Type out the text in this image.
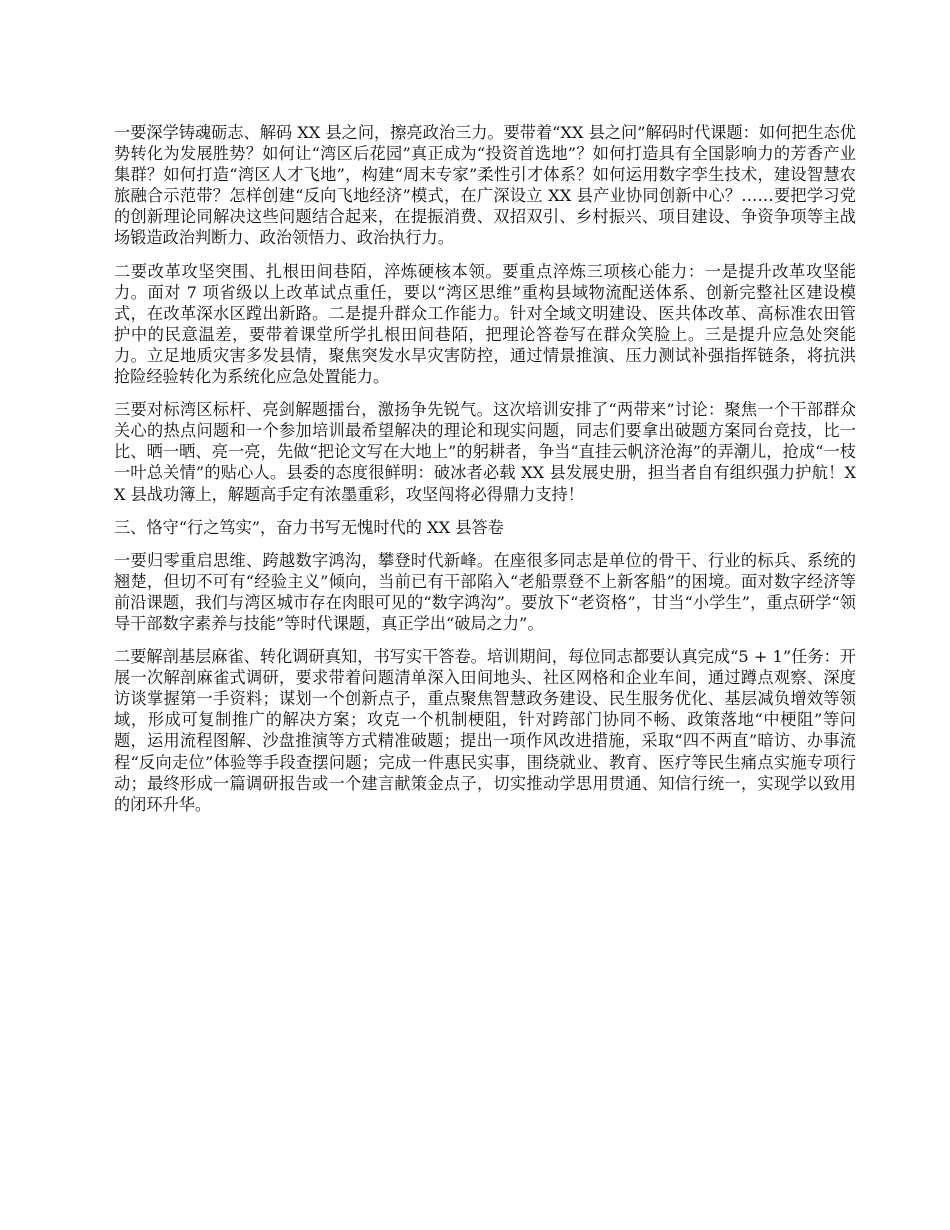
一要深学铸魂砺志、解码 XX 县之问，擦亮政治三力。要带着“XX 县之问”解码时代课题：如何把生态优势转化为发展胜势？如何让“湾区后花园”真正成为“投资首选地”？如何打造具有全国影响力的芳香产业集群？如何打造“湾区人才飞地”，构建“周末专家”柔性引才体系？如何运用数字孪生技术，建设智慧农旅融合示范带？怎样创建“反向飞地经济”模式，在广深设立 XX 县产业协同创新中心？……要把学习党的创新理论同解决这些问题结合起来，在提振消费、双招双引、乡村振兴、项目建设、争资争项等主战场锻造政治判断力、政治领悟力、政治执行力。

二要改革攻坚突围、扎根田间巷陌，淬炼硬核本领。要重点淬炼三项核心能力：一是提升改革攻坚能力。面对 7 项省级以上改革试点重任，要以“湾区思维”重构县域物流配送体系、创新完整社区建设模式，在改革深水区蹚出新路。二是提升群众工作能力。针对全域文明建设、医共体改革、高标准农田管护中的民意温差，要带着课堂所学扎根田间巷陌，把理论答卷写在群众笑脸上。三是提升应急处突能力。立足地质灾害多发县情，聚焦突发水旱灾害防控，通过情景推演、压力测试补强指挥链条，将抗洪抢险经验转化为系统化应急处置能力。

三要对标湾区标杆、亮剑解题擂台，激扬争先锐气。这次培训安排了“两带来”讨论：聚焦一个干部群众关心的热点问题和一个参加培训最希望解决的理论和现实问题，同志们要拿出破题方案同台竞技，比一比、晒一晒、亮一亮，先做“把论文写在大地上”的躬耕者，争当“直挂云帆济沧海”的弄潮儿，抢成“一枝一叶总关情”的贴心人。县委的态度很鲜明：破冰者必载 XX 县发展史册，担当者自有组织强力护航！XX 县战功簿上，解题高手定有浓墨重彩，攻坚闯将必得鼎力支持！

三、恪守“行之笃实”，奋力书写无愧时代的 XX 县答卷

一要归零重启思维、跨越数字鸿沟，攀登时代新峰。在座很多同志是单位的骨干、行业的标兵、系统的翘楚，但切不可有“经验主义”倾向，当前已有干部陷入“老船票登不上新客船”的困境。面对数字经济等前沿课题，我们与湾区城市存在肉眼可见的“数字鸿沟”。要放下“老资格”，甘当“小学生”，重点研学“领导干部数字素养与技能”等时代课题，真正学出“破局之力”。

二要解剖基层麻雀、转化调研真知，书写实干答卷。培训期间，每位同志都要认真完成“5 + 1”任务：开展一次解剖麻雀式调研，要求带着问题清单深入田间地头、社区网格和企业车间，通过蹲点观察、深度访谈掌握第一手资料；谋划一个创新点子，重点聚焦智慧政务建设、民生服务优化、基层减负增效等领域，形成可复制推广的解决方案；攻克一个机制梗阻，针对跨部门协同不畅、政策落地“中梗阻”等问题，运用流程图解、沙盘推演等方式精准破题；提出一项作风改进措施，采取“四不两直”暗访、办事流程“反向走位”体验等手段查摆问题；完成一件惠民实事，围绕就业、教育、医疗等民生痛点实施专项行动；最终形成一篇调研报告或一个建言献策金点子，切实推动学思用贯通、知信行统一，实现学以致用的闭环升华。
